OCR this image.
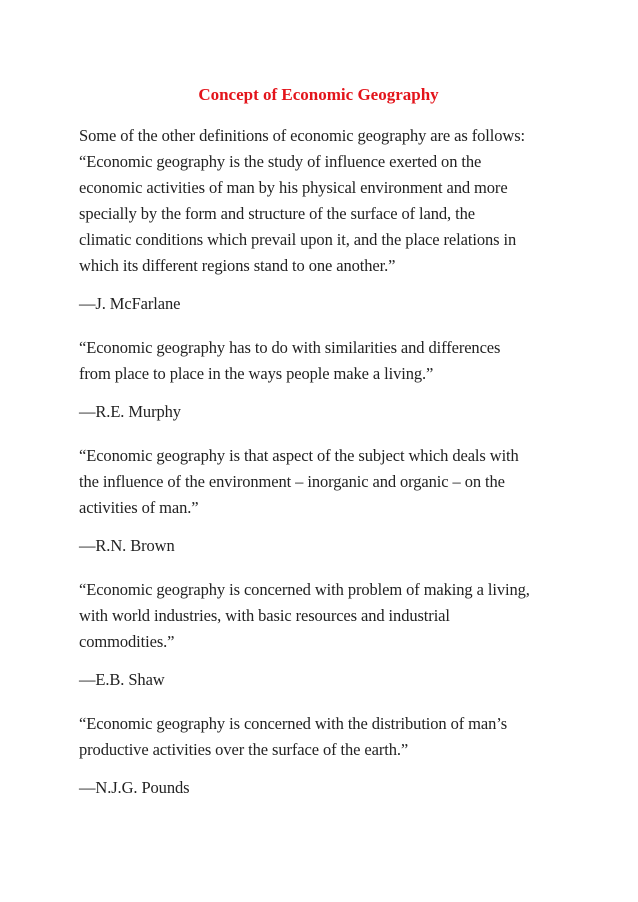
Concept of Economic Geography
Some of the other definitions of economic geography are as follows:
“Economic geography is the study of influence exerted on the
economic activities of man by his physical environment and more
specially by the form and structure of the surface of land, the
climatic conditions which prevail upon it, and the place relations in
which its different regions stand to one another.”
—J. McFarlane
“Economic geography has to do with similarities and differences
from place to place in the ways people make a living.”
—R.E. Murphy
“Economic geography is that aspect of the subject which deals with
the influence of the environment – inorganic and organic – on the
activities of man.”
—R.N. Brown
“Economic geography is concerned with problem of making a living,
with world industries, with basic resources and industrial
commodities.”
—E.B. Shaw
“Economic geography is concerned with the distribution of man’s
productive activities over the surface of the earth.”
—N.J.G. Pounds
